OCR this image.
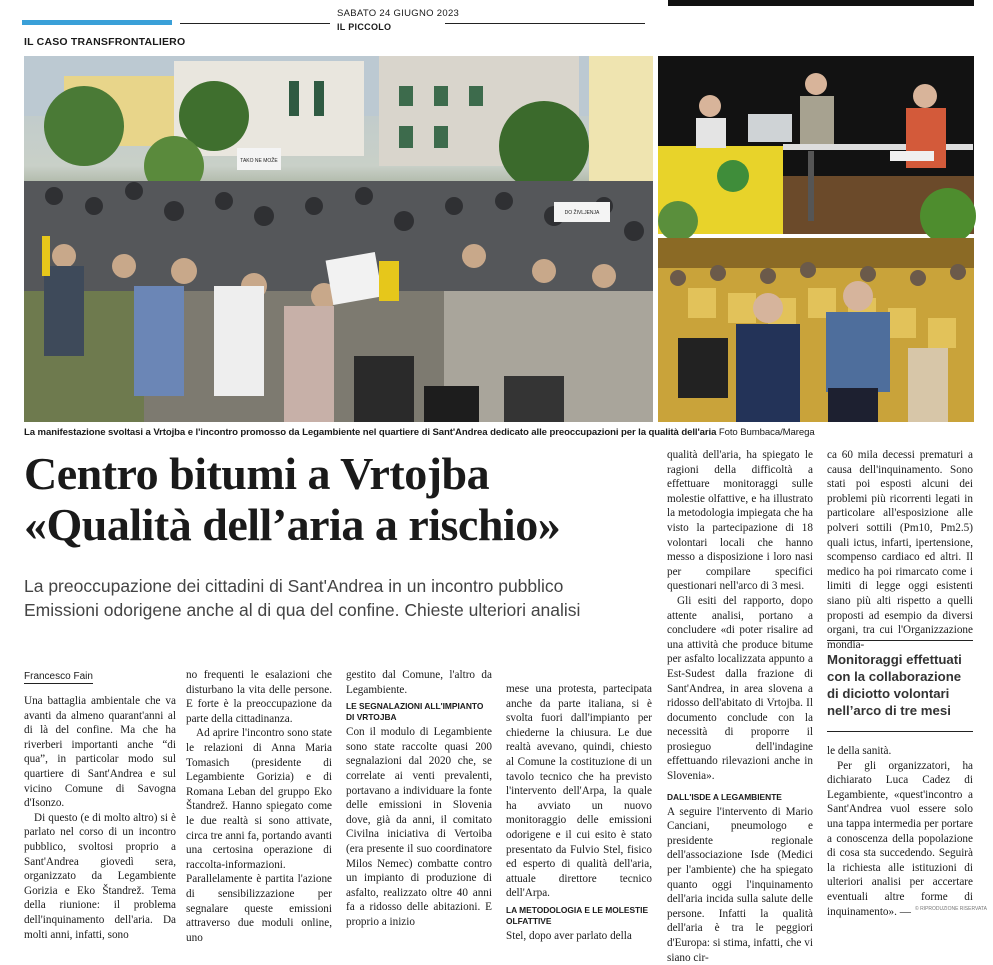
SABATO 24 GIUGNO 2023
IL PICCOLO
IL CASO TRANSFRONTALIERO
TAKO NE MOŽE
DO ŽIVLJENJA
La manifestazione svoltasi a Vrtojba e l'incontro promosso da Legambiente nel quartiere di Sant'Andrea dedicato alle preoccupazioni per la qualità dell'aria Foto Bumbaca/Marega
Centro bitumi a Vrtojba
«Qualità dell’aria a rischio»
La preoccupazione dei cittadini di Sant'Andrea in un incontro pubblico
Emissioni odorigene anche al di qua del confine. Chieste ulteriori analisi
Francesco Fain

Una battaglia ambientale che va avanti da almeno quarant'anni al di là del confine. Ma che ha riverberi importanti anche “di qua”, in particolar modo sul quartiere di Sant'Andrea e sul vicino Comune di Savogna d'Isonzo.

Di questo (e di molto altro) si è parlato nel corso di un incontro pubblico, svoltosi proprio a Sant'Andrea giovedì sera, organizzato da Legambiente Gorizia e Eko Štandrež. Tema della riunione: il problema dell'inquinamento dell'aria. Da molti anni, infatti, sono

no frequenti le esalazioni che disturbano la vita delle persone. E forte è la preoccupazione da parte della cittadinanza.

Ad aprire l'incontro sono state le relazioni di Anna Maria Tomasich (presidente di Legambiente Gorizia) e di Romana Leban del gruppo Eko Štandrež. Hanno spiegato come le due realtà si sono attivate, circa tre anni fa, portando avanti una certosina operazione di raccolta-informazioni. Parallelamente è partita l'azione di sensibilizzazione per segnalare queste emissioni attraverso due moduli online, uno

gestito dal Comune, l'altro da Legambiente.

LE SEGNALAZIONI ALL'IMPIANTO DI VRTOJBA

Con il modulo di Legambiente sono state raccolte quasi 200 segnalazioni dal 2020 che, se correlate ai venti prevalenti, portavano a individuare la fonte delle emissioni in Slovenia dove, già da anni, il comitato Civilna iniciativa di Vertoiba (era presente il suo coordinatore Milos Nemec) combatte contro un impianto di produzione di asfalto, realizzato oltre 40 anni fa a ridosso delle abitazioni. E proprio a inizio

mese una protesta, partecipata anche da parte italiana, si è svolta fuori dall'impianto per chiederne la chiusura. Le due realtà avevano, quindi, chiesto al Comune la costituzione di un tavolo tecnico che ha previsto l'intervento dell'Arpa, la quale ha avviato un nuovo monitoraggio delle emissioni odorigene e il cui esito è stato presentato da Fulvio Stel, fisico ed esperto di qualità dell'aria, attuale direttore tecnico dell'Arpa.

LA METODOLOGIA E LE MOLESTIE OLFATTIVE

Stel, dopo aver parlato della

qualità dell'aria, ha spiegato le ragioni della difficoltà a effettuare monitoraggi sulle molestie olfattive, e ha illustrato la metodologia impiegata che ha visto la partecipazione di 18 volontari locali che hanno messo a disposizione i loro nasi per compilare specifici questionari nell'arco di 3 mesi.

Gli esiti del rapporto, dopo attente analisi, portano a concludere «di poter risalire ad una attività che produce bitume per asfalto localizzata appunto a Est-Sudest dalla frazione di Sant'Andrea, in area slovena a ridosso dell'abitato di Vrtojba. Il documento conclude con la necessità di proporre il prosieguo dell'indagine effettuando rilevazioni anche in Slovenia».

DALL'ISDE A LEGAMBIENTE

A seguire l'intervento di Mario Canciani, pneumologo e presidente regionale dell'associazione Isde (Medici per l'ambiente) che ha spiegato quanto oggi l'inquinamento dell'aria incida sulla salute delle persone. Infatti la qualità dell'aria è tra le peggiori d'Europa: si stima, infatti, che vi siano cir-

ca 60 mila decessi prematuri a causa dell'inquinamento. Sono stati poi esposti alcuni dei problemi più ricorrenti legati in particolare all'esposizione alle polveri sottili (Pm10, Pm2.5) quali ictus, infarti, ipertensione, scompenso cardiaco ed altri. Il medico ha poi rimarcato come i limiti di legge oggi esistenti siano più alti rispetto a quelli proposti ad esempio da diversi organi, tra cui l'Organizzazione mondia-

Monitoraggi effettuati con la collaborazione di diciotto volontari nell’arco di tre mesi

le della sanità.

Per gli organizzatori, ha dichiarato Luca Cadez di Legambiente, «quest'incontro a Sant'Andrea vuol essere solo una tappa intermedia per portare a conoscenza della popolazione di cosa sta succedendo. Seguirà la richiesta alle istituzioni di ulteriori analisi per accertare eventuali altre forme di inquinamento». — © RIPRODUZIONE RISERVATA
